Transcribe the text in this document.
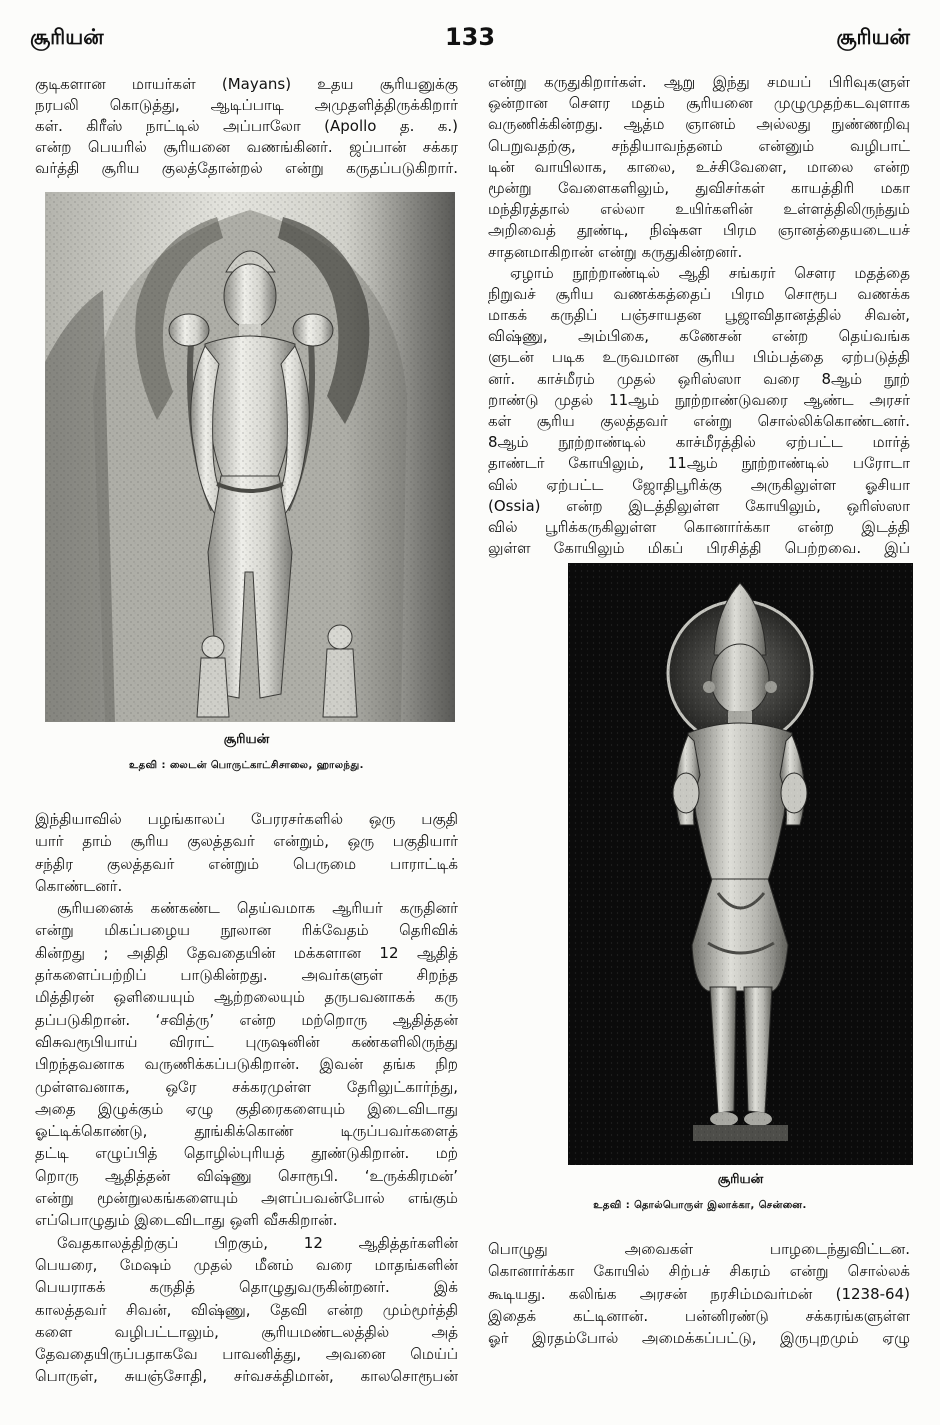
சூரியன்	133	சூரியன்
குடிகளான மாயர்கள் (Mayans) உதய சூரியனுக்கு
நரபலி கொடுத்து, ஆடிப்பாடி அமுதளித்திருக்கிறார்
கள். கிரீஸ் நாட்டில் அப்பாலோ (Apollo த. க.)
என்ற பெயரில் சூரியனை வணங்கினர். ஜப்பான் சக்கர
வர்த்தி சூரிய குலத்தோன்றல் என்று கருதப்படுகிறார்.
சூரியன்
உதவி : லைடன் பொருட்காட்சிசாலை, ஹாலந்து.
இந்தியாவில் பழங்காலப் பேரரசர்களில் ஒரு பகுதி
யார் தாம் சூரிய குலத்தவர் என்றும், ஒரு பகுதியார்
சந்திர குலத்தவர் என்றும் பெருமை பாராட்டிக்
கொண்டனர்.
சூரியனைக் கண்கண்ட தெய்வமாக ஆரியர் கருதினர்
என்று மிகப்பழைய நூலான ரிக்வேதம் தெரிவிக்
கின்றது ; அதிதி தேவதையின் மக்களான 12 ஆதித்
தர்களைப்பற்றிப் பாடுகின்றது. அவர்களுள் சிறந்த
மித்திரன் ஒளியையும் ஆற்றலையும் தருபவனாகக் கரு
தப்படுகிறான். ‘சவித்ரு’ என்ற மற்றொரு ஆதித்தன்
விசுவரூபியாய் விராட் புருஷனின் கண்களிலிருந்து
பிறந்தவனாக வருணிக்கப்படுகிறான். இவன் தங்க நிற
முள்ளவனாக, ஒரே சக்கரமுள்ள தேரிலுட்கார்ந்து,
அதை இழுக்கும் ஏழு குதிரைகளையும் இடைவிடாது
ஓட்டிக்கொண்டு, தூங்கிக்கொண் டிருப்பவர்களைத்
தட்டி எழுப்பித் தொழில்புரியத் தூண்டுகிறான். மற்
றொரு ஆதித்தன் விஷ்ணு சொரூபி. ‘உருக்கிரமன்’
என்று மூன்றுலகங்களையும் அளப்பவன்போல் எங்கும்
எப்பொழுதும் இடைவிடாது ஒளி வீசுகிறான்.
வேதகாலத்திற்குப் பிறகும், 12 ஆதித்தர்களின்
பெயரை, மேஷம் முதல் மீனம் வரை மாதங்களின்
பெயராகக் கருதித் தொழுதுவருகின்றனர். இக்
காலத்தவர் சிவன், விஷ்ணு, தேவி என்ற மும்மூர்த்தி
களை வழிபட்டாலும், சூரியமண்டலத்தில் அத்
தேவதையிருப்பதாகவே பாவனித்து, அவனை மெய்ப்
பொருள், சுயஞ்சோதி, சர்வசக்திமான், காலசொரூபன்
என்று கருதுகிறார்கள். ஆறு இந்து சமயப் பிரிவுகளுள்
ஒன்றான சௌர மதம் சூரியனை முழுமுதற்கடவுளாக
வருணிக்கின்றது. ஆத்ம ஞானம் அல்லது நுண்ணறிவு
பெறுவதற்கு, சந்தியாவந்தனம் என்னும் வழிபாட்
டின் வாயிலாக, காலை, உச்சிவேளை, மாலை என்ற
மூன்று வேளைகளிலும், துவிசர்கள் காயத்திரி மகா
மந்திரத்தால் எல்லா உயிர்களின் உள்ளத்திலிருந்தும்
அறிவைத் தூண்டி, நிஷ்கள பிரம ஞானத்தையடையச்
சாதனமாகிறான் என்று கருதுகின்றனர்.
ஏழாம் நூற்றாண்டில் ஆதி சங்கரர் சௌர மதத்தை
நிறுவச் சூரிய வணக்கத்தைப் பிரம சொரூப வணக்க
மாகக் கருதிப் பஞ்சாயதன பூஜாவிதானத்தில் சிவன்,
விஷ்ணு, அம்பிகை, கணேசன் என்ற தெய்வங்க
ளுடன் படிக உருவமான சூரிய பிம்பத்தை ஏற்படுத்தி
னர். காச்மீரம் முதல் ஒரிஸ்ஸா வரை 8ஆம் நூற்
றாண்டு முதல் 11ஆம் நூற்றாண்டுவரை ஆண்ட அரசர்
கள் சூரிய குலத்தவர் என்று சொல்லிக்கொண்டனர்.
8ஆம் நூற்றாண்டில் காச்மீரத்தில் ஏற்பட்ட மார்த்
தாண்டர் கோயிலும், 11ஆம் நூற்றாண்டில் பரோடா
வில் ஏற்பட்ட ஜோதிபூரிக்கு அருகிலுள்ள ஓசியா
(Ossia) என்ற இடத்திலுள்ள கோயிலும், ஒரிஸ்ஸா
வில் பூரிக்கருகிலுள்ள கொனார்க்கா என்ற இடத்தி
லுள்ள கோயிலும் மிகப் பிரசித்தி பெற்றவை. இப்
சூரியன்
உதவி : தொல்பொருள் இலாக்கா, சென்னை.
பொழுது அவைகள் பாழடைந்துவிட்டன.
கொனார்க்கா கோயில் சிற்பச் சிகரம் என்று சொல்லக்
கூடியது. கலிங்க அரசன் நரசிம்மவர்மன் (1238-64)
இதைக் கட்டினான். பன்னிரண்டு சக்கரங்களுள்ள
ஓர் இரதம்போல் அமைக்கப்பட்டு, இருபுறமும் ஏழு
